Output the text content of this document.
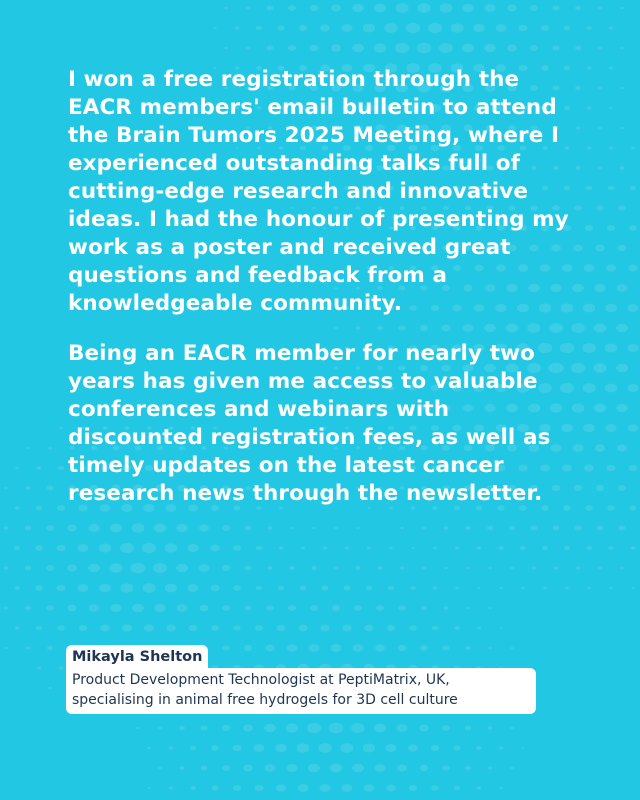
I won a free registration through the EACR members' email bulletin to attend the Brain Tumors 2025 Meeting, where I experienced outstanding talks full of cutting-edge research and innovative ideas. I had the honour of presenting my work as a poster and received great questions and feedback from a knowledgeable community.

Being an EACR member for nearly two years has given me access to valuable conferences and webinars with discounted registration fees, as well as timely updates on the latest cancer research news through the newsletter.

Mikayla Shelton
Product Development Technologist at PeptiMatrix, UK,
specialising in animal free hydrogels for 3D cell culture
